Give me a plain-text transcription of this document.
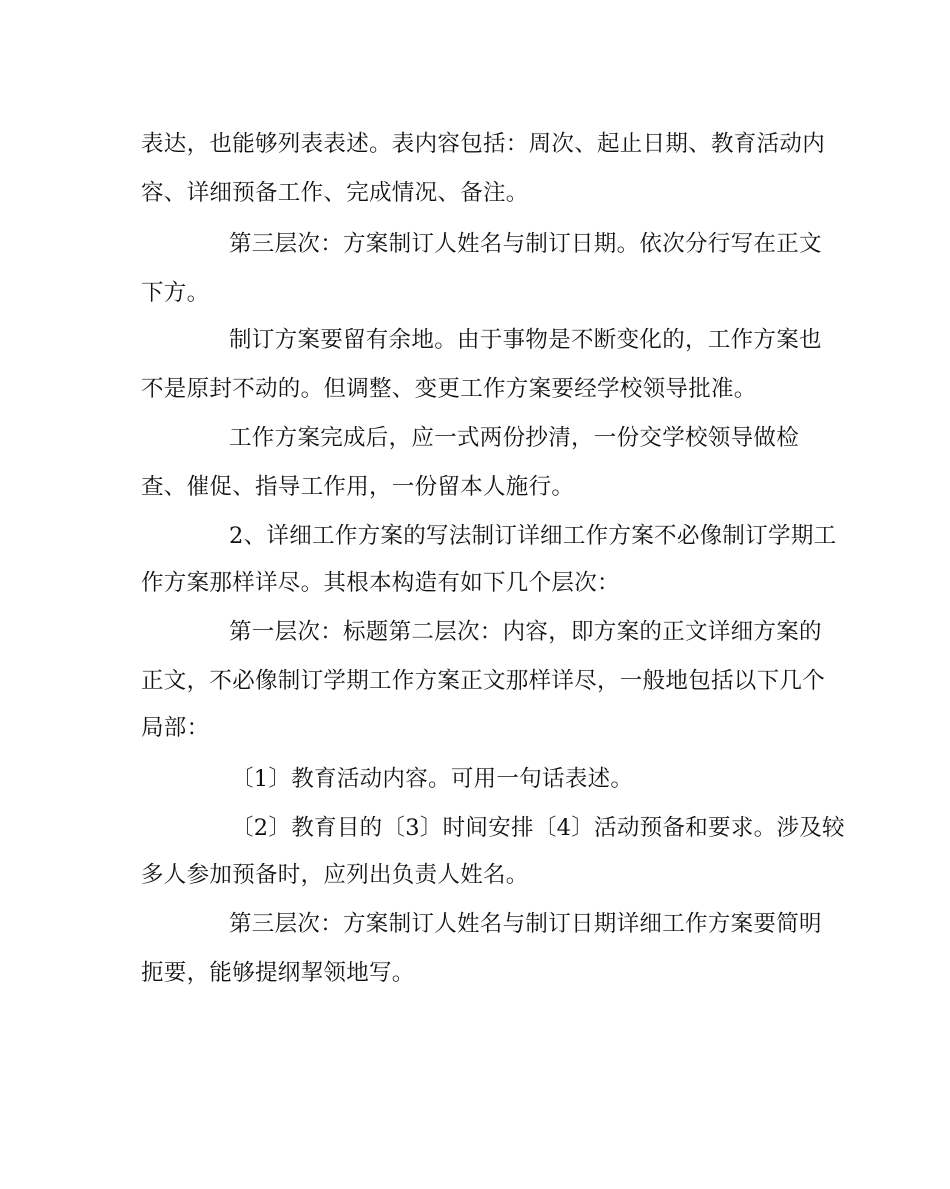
表达，也能够列表表述。表内容包括：周次、起止日期、教育活动内
容、详细预备工作、完成情况、备注。
第三层次：方案制订人姓名与制订日期。依次分行写在正文
下方。
制订方案要留有余地。由于事物是不断变化的，工作方案也
不是原封不动的。但调整、变更工作方案要经学校领导批准。
工作方案完成后，应一式两份抄清，一份交学校领导做检
查、催促、指导工作用，一份留本人施行。
2、详细工作方案的写法制订详细工作方案不必像制订学期工
作方案那样详尽。其根本构造有如下几个层次：
第一层次：标题第二层次：内容，即方案的正文详细方案的
正文，不必像制订学期工作方案正文那样详尽，一般地包括以下几个
局部：
〔1〕教育活动内容。可用一句话表述。
〔2〕教育目的〔3〕时间安排〔4〕活动预备和要求。涉及较
多人参加预备时，应列出负责人姓名。
第三层次：方案制订人姓名与制订日期详细工作方案要简明
扼要，能够提纲挈领地写。
